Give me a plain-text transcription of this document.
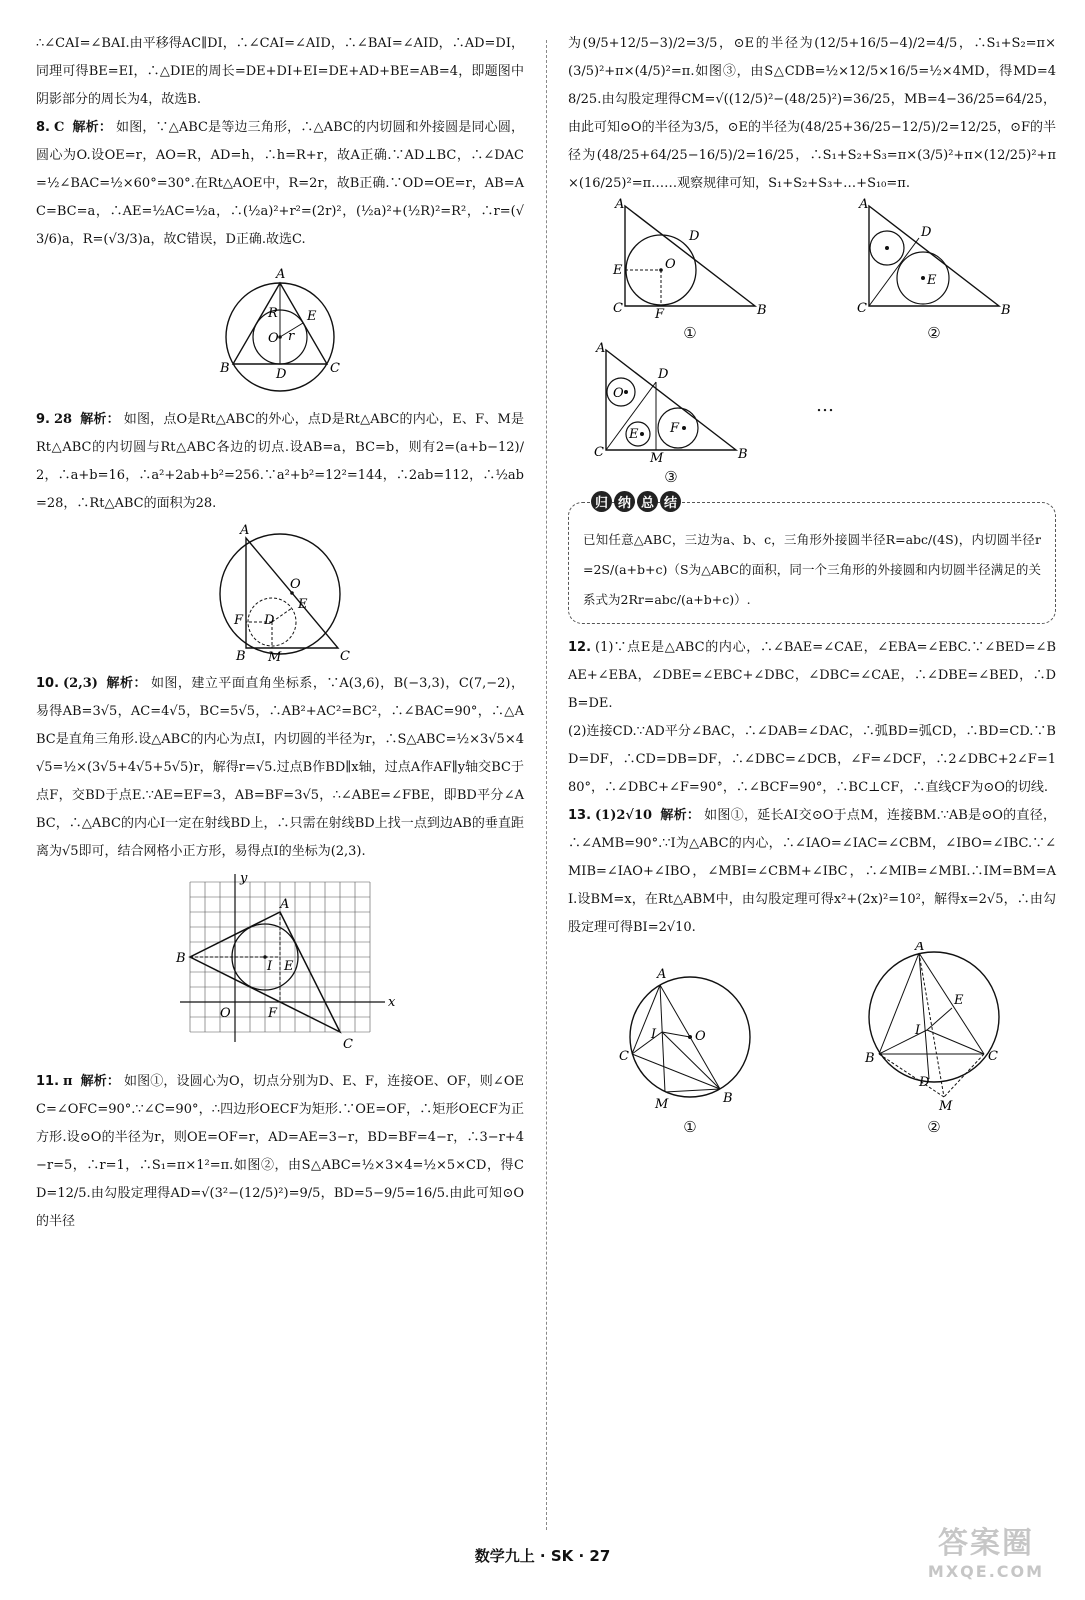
∴∠CAI=∠BAI.由平移得AC∥DI，∴∠CAI=∠AID，∴∠BAI=∠AID，∴AD=DI，同理可得BE=EI，∴△DIE的周长=DE+DI+EI=DE+AD+BE=AB=4，即题图中阴影部分的周长为4，故选B.

8. C 解析： 如图，∵△ABC是等边三角形，∴△ABC的内切圆和外接圆是同心圆，圆心为O.设OE=r，AO=R，AD=h，∴h=R+r，故A正确.∵AD⊥BC，∴∠DAC=½∠BAC=½×60°=30°.在Rt△AOE中，R=2r，故B正确.∵OD=OE=r，AB=AC=BC=a，∴AE=½AC=½a，∴(½a)²+r²=(2r)²，(½a)²+(½R)²=R²，∴r=(√3/6)a，R=(√3/3)a，故C错误，D正确.故选C.

A
B	C
D
E
O
R
r

9. 28 解析： 如图，点O是Rt△ABC的外心，点D是Rt△ABC的内心，E、F、M是Rt△ABC的内切圆与Rt△ABC各边的切点.设AB=a，BC=b，则有2=(a+b−12)/2，∴a+b=16，∴a²+2ab+b²=256.∵a²+b²=12²=144，∴2ab=112，∴½ab=28，∴Rt△ABC的面积为28.

A
B	C
D
E
F
M
O

10. (2,3) 解析： 如图，建立平面直角坐标系，∵A(3,6)，B(−3,3)，C(7,−2)，易得AB=3√5，AC=4√5，BC=5√5，∴AB²+AC²=BC²，∴∠BAC=90°，∴△ABC是直角三角形.设△ABC的内心为点I，内切圆的半径为r，∴S△ABC=½×3√5×4√5=½×(3√5+4√5+5√5)r，解得r=√5.过点B作BD∥x轴，过点A作AF∥y轴交BC于点F，交BD于点E.∵AE=EF=3，AB=BF=3√5，∴∠ABE=∠FBE，即BD平分∠ABC，∴△ABC的内心I一定在射线BD上，∴只需在射线BD上找一点到边AB的垂直距离为√5即可，结合网格小正方形，易得点I的坐标为(2,3).

y
A
B
C
I E
O	F
x

11. π 解析： 如图①，设圆心为O，切点分别为D、E、F，连接OE、OF，则∠OEC=∠OFC=90°.∵∠C=90°，∴四边形OECF为矩形.∵OE=OF，∴矩形OECF为正方形.设⊙O的半径为r，则OE=OF=r，AD=AE=3−r，BD=BF=4−r，∴3−r+4−r=5，∴r=1，∴S₁=π×1²=π.如图②，由S△ABC=½×3×4=½×5×CD，得CD=12/5.由勾股定理得AD=√(3²−(12/5)²)=9/5，BD=5−9/5=16/5.由此可知⊙O的半径

为(9/5+12/5−3)/2=3/5，⊙E的半径为(12/5+16/5−4)/2=4/5，∴S₁+S₂=π×(3/5)²+π×(4/5)²=π.如图③，由S△CDB=½×12/5×16/5=½×4MD，得MD=48/25.由勾股定理得CM=√((12/5)²−(48/25)²)=36/25，MB=4−36/25=64/25，由此可知⊙O的半径为3/5，⊙E的半径为(48/25+36/25−12/5)/2=12/25，⊙F的半径为(48/25+64/25−16/5)/2=16/25，∴S₁+S₂+S₃=π×(3/5)²+π×(12/25)²+π×(16/25)²=π……观察规律可知，S₁+S₂+S₃+…+S₁₀=π.

A
B
C
D
E
F
O
①
A
B
C
D
E
②
A
B
C
D
E F
O
M
③
…
归 纳 总 结

已知任意△ABC，三边为a、b、c，三角形外接圆半径R=abc/(4S)，内切圆半径r=2S/(a+b+c)（S为△ABC的面积，同一个三角形的外接圆和内切圆半径满足的关系式为2Rr=abc/(a+b+c)）.

12. (1)∵点E是△ABC的内心，∴∠BAE=∠CAE，∠EBA=∠EBC.∵∠BED=∠BAE+∠EBA，∠DBE=∠EBC+∠DBC，∠DBC=∠CAE，∴∠DBE=∠BED，∴DB=DE.

(2)连接CD.∵AD平分∠BAC，∴∠DAB=∠DAC，∴弧BD=弧CD，∴BD=CD.∵BD=DF，∴CD=DB=DF，∴∠DBC=∠DCB，∠F=∠DCF，∴2∠DBC+2∠F=180°，∴∠DBC+∠F=90°，∴∠BCF=90°，∴BC⊥CF，∴直线CF为⊙O的切线.

13. (1)2√10 解析： 如图①，延长AI交⊙O于点M，连接BM.∵AB是⊙O的直径，∴∠AMB=90°.∵I为△ABC的内心，∴∠IAO=∠IAC=∠CBM，∠IBO=∠IBC.∵∠MIB=∠IAO+∠IBO，∠MBI=∠CBM+∠IBC，∴∠MIB=∠MBI.∴IM=BM=AI.设BM=x，在Rt△ABM中，由勾股定理可得x²+(2x)²=10²，解得x=2√5，∴由勾股定理可得BI=2√10.

A
B
C
I	O
M
①
A
B	C
I
E
D
M
②
数学九上 · SK · 27	答案圈
MXQE.COM
